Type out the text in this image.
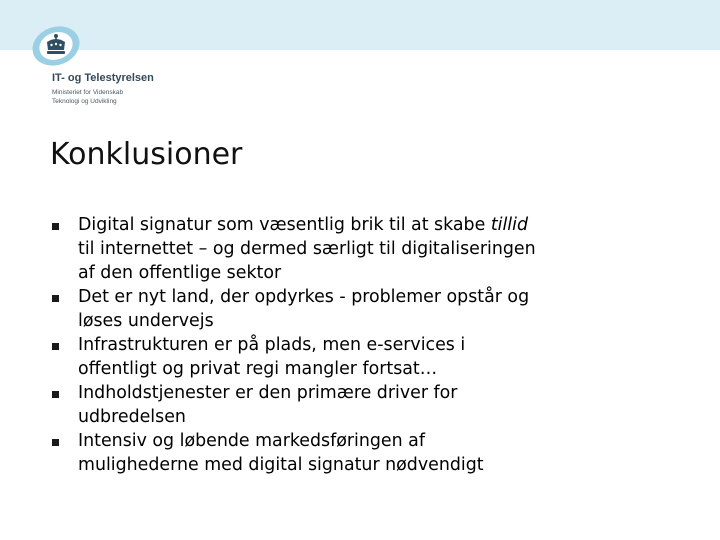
IT- og Telestyrelsen
Ministeriet for Videnskab
Teknologi og Udvikling
Konklusioner
Digital signatur som væsentlig brik til at skabe tillid
til internettet – og dermed særligt til digitaliseringen
af den offentlige sektor
Det er nyt land, der opdyrkes - problemer opstår og
løses undervejs
Infrastrukturen er på plads, men e-services i
offentligt og privat regi mangler fortsat…
Indholdstjenester er den primære driver for
udbredelsen
Intensiv og løbende markedsføringen af
mulighederne med digital signatur nødvendigt
